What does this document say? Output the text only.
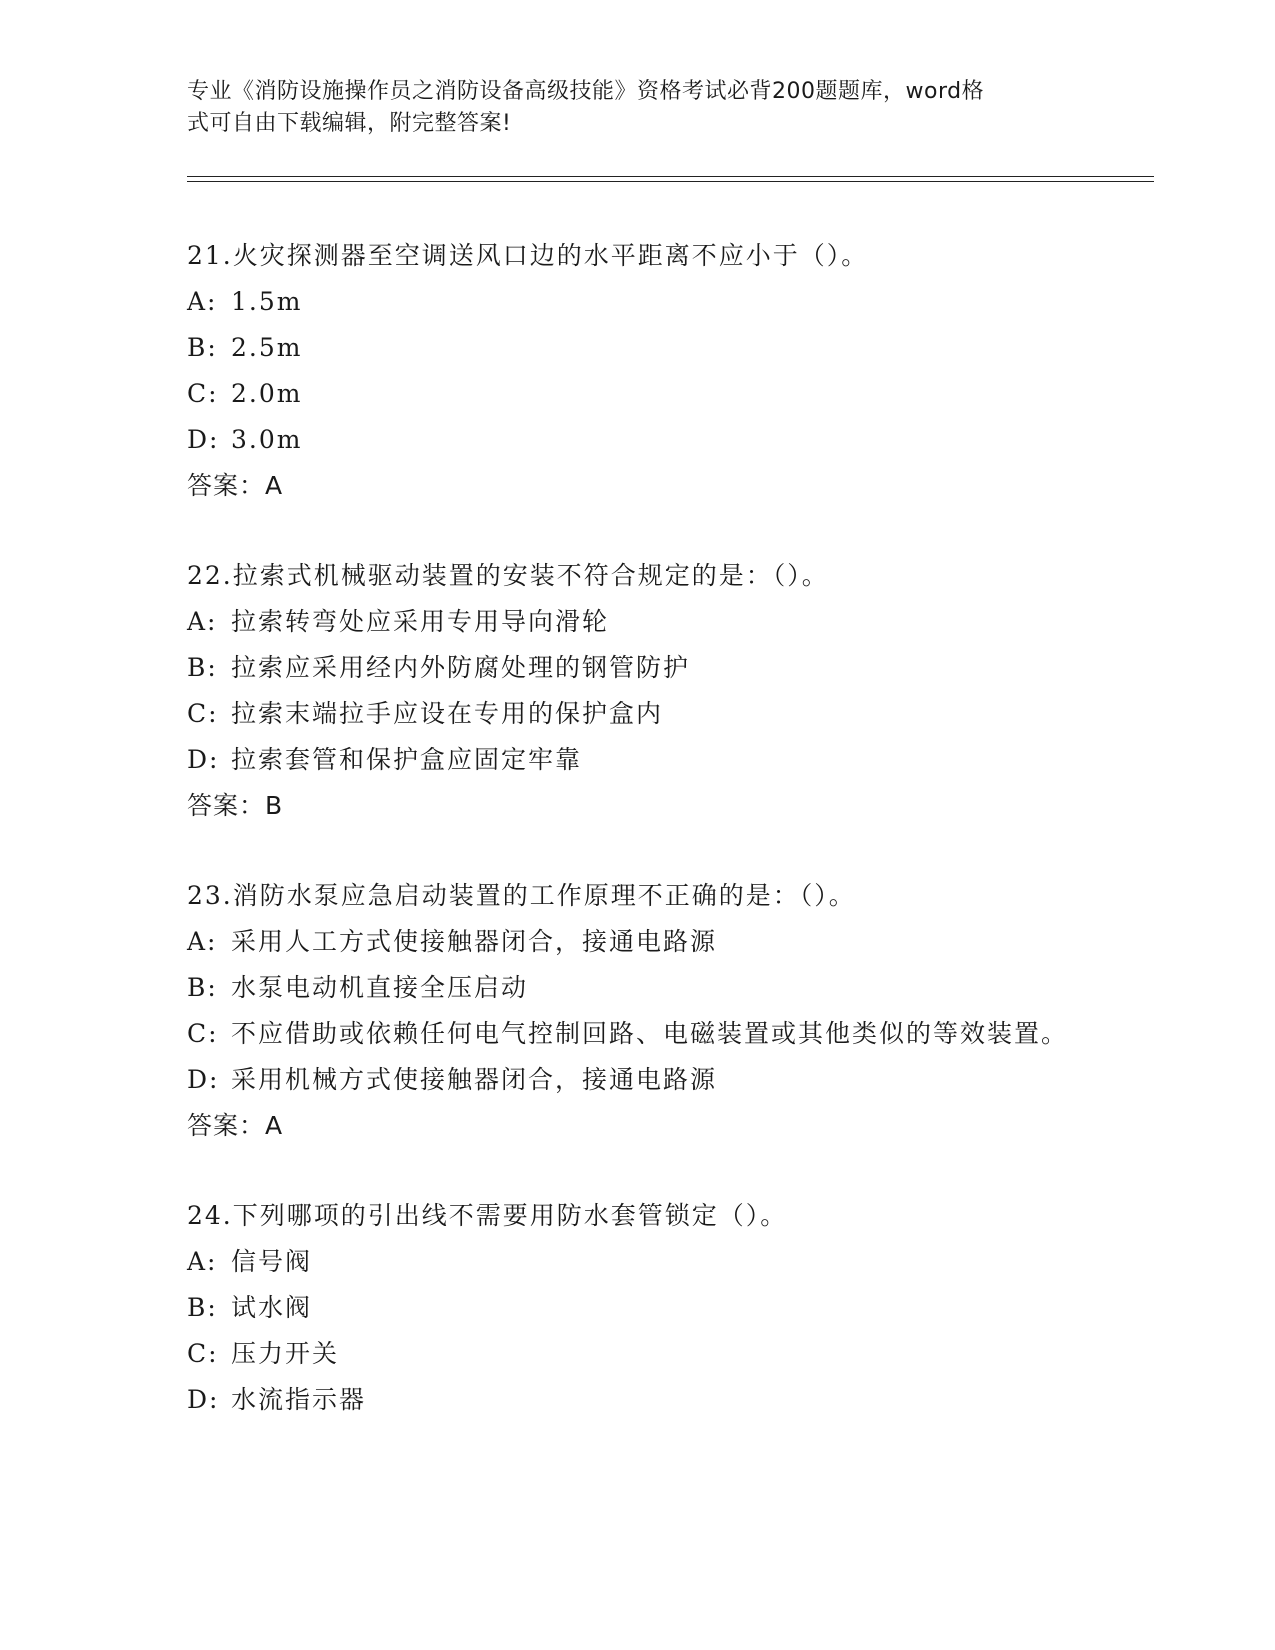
专业《消防设施操作员之消防设备高级技能》资格考试必背200题题库，word格
式可自由下载编辑，附完整答案!
21.火灾探测器至空调送风口边的水平距离不应小于（）。
A: 1.5m
B: 2.5m
C: 2.0m
D: 3.0m
答案：A
22.拉索式机械驱动装置的安装不符合规定的是：（）。
A: 拉索转弯处应采用专用导向滑轮
B: 拉索应采用经内外防腐处理的钢管防护
C: 拉索末端拉手应设在专用的保护盒内
D: 拉索套管和保护盒应固定牢靠
答案：B
23.消防水泵应急启动装置的工作原理不正确的是：（）。
A: 采用人工方式使接触器闭合，接通电路源
B: 水泵电动机直接全压启动
C: 不应借助或依赖任何电气控制回路、电磁装置或其他类似的等效装置。
D: 采用机械方式使接触器闭合，接通电路源
答案：A
24.下列哪项的引出线不需要用防水套管锁定（）。
A: 信号阀
B: 试水阀
C: 压力开关
D: 水流指示器
